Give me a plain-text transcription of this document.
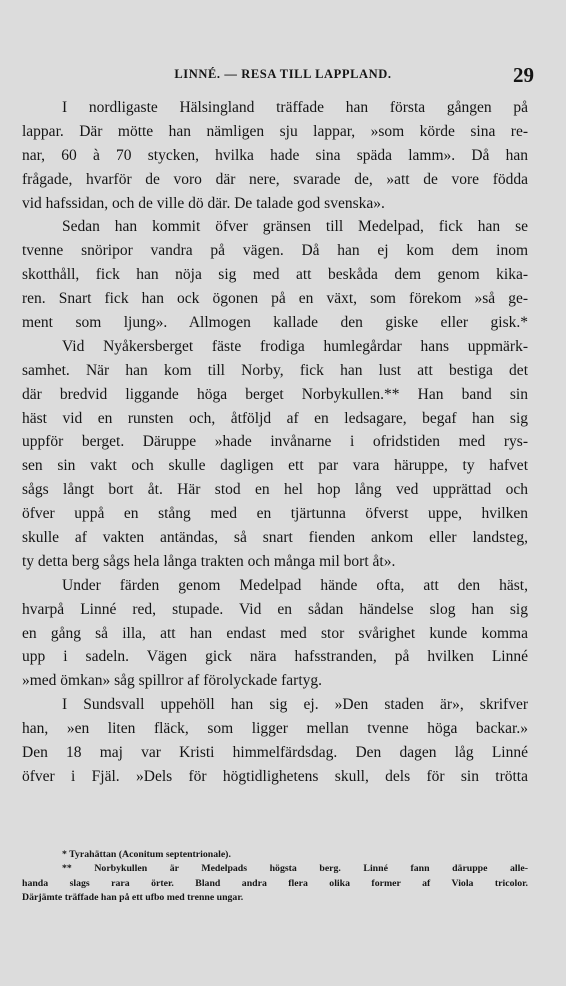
LINNÉ. — RESA TILL LAPPLAND.	29
I nordligaste Hälsingland träffade han första gången på
lappar. Där mötte han nämligen sju lappar, »som körde sina re-
nar, 60 à 70 stycken, hvilka hade sina späda lamm». Då han
frågade, hvarför de voro där nere, svarade de, »att de vore födda
vid hafssidan, och de ville dö där. De talade god svenska».
Sedan han kommit öfver gränsen till Medelpad, fick han se
tvenne snöripor vandra på vägen. Då han ej kom dem inom
skotthåll, fick han nöja sig med att beskåda dem genom kika-
ren. Snart fick han ock ögonen på en växt, som förekom »så ge-
ment som ljung». Allmogen kallade den giske eller gisk.*
Vid Nyåkersberget fäste frodiga humlegårdar hans uppmärk-
samhet. När han kom till Norby, fick han lust att bestiga det
där bredvid liggande höga berget Norbykullen.** Han band sin
häst vid en runsten och, åtföljd af en ledsagare, begaf han sig
uppför berget. Däruppe »hade invånarne i ofridstiden med rys-
sen sin vakt och skulle dagligen ett par vara häruppe, ty hafvet
sågs långt bort åt. Här stod en hel hop lång ved upprättad och
öfver uppå en stång med en tjärtunna öfverst uppe, hvilken
skulle af vakten antändas, så snart fienden ankom eller landsteg,
ty detta berg sågs hela långa trakten och många mil bort åt».
Under färden genom Medelpad hände ofta, att den häst,
hvarpå Linné red, stupade. Vid en sådan händelse slog han sig
en gång så illa, att han endast med stor svårighet kunde komma
upp i sadeln. Vägen gick nära hafsstranden, på hvilken Linné
»med ömkan» såg spillror af förolyckade fartyg.
I Sundsvall uppehöll han sig ej. »Den staden är», skrifver
han, »en liten fläck, som ligger mellan tvenne höga backar.»
Den 18 maj var Kristi himmelfärdsdag. Den dagen låg Linné
öfver i Fjäl. »Dels för högtidlighetens skull, dels för sin trötta
* Tyrahättan (Aconitum septentrionale).
** Norbykullen är Medelpads högsta berg. Linné fann däruppe alle-
handa slags rara örter. Bland andra flera olika former af Viola tricolor.
Därjämte träffade han på ett ufbo med trenne ungar.
